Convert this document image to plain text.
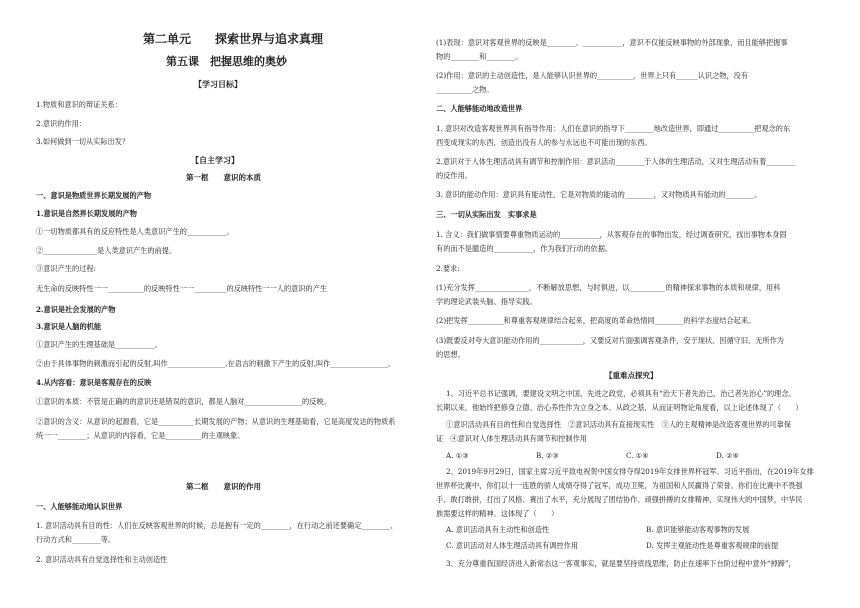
第二单元　　探索世界与追求真理
第五课　把握思维的奥妙
【学习目标】
1.物质和意识的辩证关系：
2.意识的作用：
3.如何做到一切从实际出发？
【自主学习】
第一框　　意识的本质
一、意识是物质世界长期发展的产物
1.意识是自然界长期发展的产物
①一切物质都具有的反应特性是人类意识产生的___________。
②_______________是人类意识产生的前提。
③意识产生的过程:
无生命的反映特性一一__________的反映特性一一_________的反映特性一一人的意识的产生
2.意识是社会发展的产物
3.意识是人脑的机能
①意识产生的生理基础是___________。
②由于具体事物的刺激而引起的反射,叫作________________,在语言的刺激下产生的反射,叫作________________。
4.从内容看：意识是客观存在的反映
①意识的本质：不管是正确的的意识还是错误的意识，都是人脑对________________的反映。
②意识的含义：从意识的起源看，它是__________长期发展的产物；从意识的生理基础看，它是高度发达的物质系
统一一________；从意识的内容看，它是__________的主观映象。
第二框　　意识的作用
一、人能够能动地认识世界
1. 意识活动具有目的性：人们在反映客观世界的时候，总是抱有一定的________，在行动之前还要确定________、
行动方式和________等。
2. 意识活动具有自觉选择性和主动创造性
(1)表现：意识对客观世界的反映是________、___________，意识不仅能反映事物的外部现象，而且能够把握事
物的________和________。
(2)作用：意识的主动创造性，是人能够认识世界的__________，世界上只有______认识之物，没有
__________之物。
二、人能够能动地改造世界
1. 意识对改造客观世界具有指导作用：人们在意识的指导下________地改造世界，即通过__________把观念的东
西变成现实的东西，创造出没有人的参与永远也不可能出现的东西。
2.意识对于人体生理活动具有调节和控制作用：意识活动________于人体的生理活动，又对生理活动有着________
的反作用。
3. 意识的能动作用：意识具有能动性，它是对物质的能动的________，又对物质具有能动的________。
三、一切从实际出发　实事求是
1. 含义：我们做事情要尊重物质运动的___________，从客观存在的事物出发，经过调查研究，找出事物本身固
有的而不是臆造的___________，作为我们行动的依据。
2.要求:
(1)充分发挥_______________，不断解放思想，与时俱进，以__________的精神探求事物的本质和规律，用科
学的理论武装头脑、指导实践。
(2)把发挥__________和尊重客观规律结合起来，把高度的革命热情同________的科学态度结合起来。
(3)既要反对夸大意识能动作用的____________，又要反对片面强调客观条件，安于现状、因循守旧、无所作为
的思想。
【重难点探究】
1、习近平总书记强调，要建设文明之中国，先进之政党，必须具有“治天下者先治己，治己者先治心”的理念。
长期以来，他始终把修身立德、治心养性作为立身之本、从政之基，从而证明物论角度看，以上论述体现了（　　）
①意识活动具有目的性和自觉选择性　②意识活动具有直接现实性　③人的主观精神是改造客观世界的可靠保
证　④意识对人体生理活动具有调节和控制作用
A. ①③	B. ②③	C. ①④	D. ②④
2、2019年9月29日，国家主席习近平致电祝贺中国女排夺得2019年女排世界杯冠军。习近平指出，在2019年女排
世界杯比赛中，你们以十一连胜的骄人成绩夺得了冠军，成功卫冕，为祖国和人民赢得了荣誉。你们在比赛中不畏强
手、敢打敢拼，打出了风格、赛出了水平，充分展现了团结协作、顽强拼搏的女排精神，实现伟大的中国梦，中华民
族需要这样的精神。这体现了（　　）
A. 意识活动具有主动性和创造性	B. 意识能够能动客观事物的发展
C. 意识活动对人体生理活动具有调控作用	D. 发挥主观能动性是尊重客观规律的前提
3、充分尊重我国经济进入新常态这一客观事实，就是要坚持底线思维，防止在速率下台阶过程中意外“掉蹄”，
